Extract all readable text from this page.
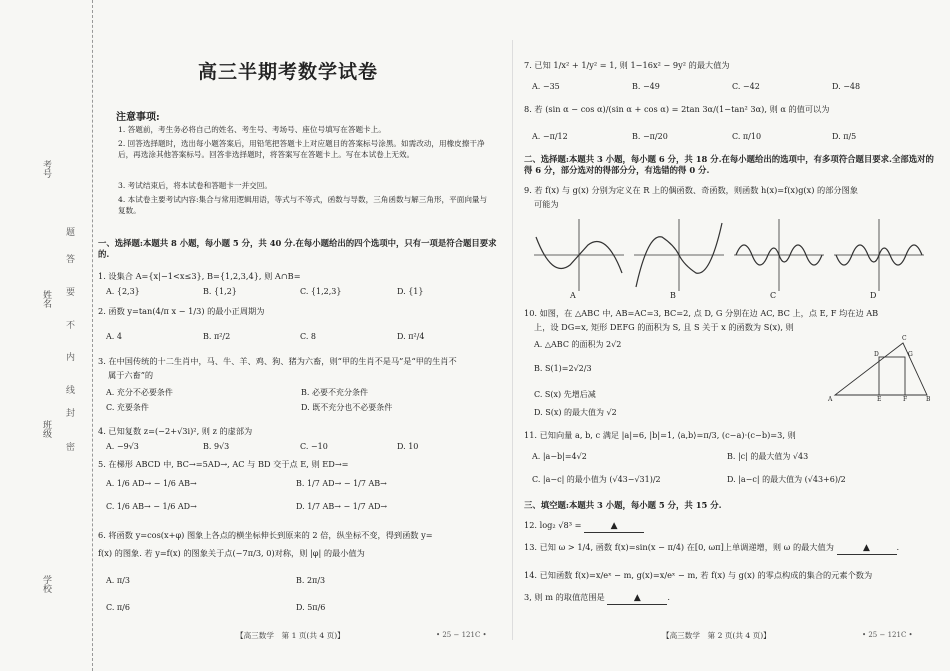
考号
姓名
班级
学校
题
答
要
不
内
线
封
密
高三半期考数学试卷
注意事项:
1. 答题前，考生务必将自己的姓名、考生号、考场号、座位号填写在答题卡上。
2. 回答选择题时，选出每小题答案后，用铅笔把答题卡上对应题目的答案标号涂黑。如需改动，用橡皮擦干净后，再选涂其他答案标号。回答非选择题时，将答案写在答题卡上。写在本试卷上无效。
3. 考试结束后，将本试卷和答题卡一并交回。
4. 本试卷主要考试内容:集合与常用逻辑用语，等式与不等式，函数与导数，三角函数与解三角形，平面向量与复数。
一、选择题:本题共 8 小题，每小题 5 分，共 40 分.在每小题给出的四个选项中，只有一项是符合题目要求的.
1. 设集合 A={x|−1<x≤3}, B={1,2,3,4}, 则 A∩B=
A. {2,3}	B. {1,2}	C. {1,2,3}	D. {1}
2. 函数 y=tan(4/π x − 1/3) 的最小正周期为
A. 4	B. π²/2	C. 8	D. π²/4
3. 在中国传统的十二生肖中，马、牛、羊、鸡、狗、猪为六畜，则“甲的生肖不是马”是“甲的生肖不
属于六畜”的
A. 充分不必要条件	B. 必要不充分条件
C. 充要条件	D. 既不充分也不必要条件
4. 已知复数 z=(−2+√3i)², 则 z 的虚部为
A. −9√3	B. 9√3	C. −10	D. 10
5. 在梯形 ABCD 中, BC→=5AD→, AC 与 BD 交于点 E, 则 ED→=
A. 1/6 AD→ − 1/6 AB→	B. 1/7 AD→ − 1/7 AB→
C. 1/6 AB→ − 1/6 AD→	D. 1/7 AB→ − 1/7 AD→
6. 将函数 y=cos(x+φ) 图象上各点的横坐标伸长到原来的 2 倍，纵坐标不变，得到函数 y=
f(x) 的图象. 若 y=f(x) 的图象关于点(−7π/3, 0)对称，则 |φ| 的最小值为
A. π/3	B. 2π/3
C. π/6	D. 5π/6
【高三数学　第 1 页(共 4 页)】	• 25 − 121C •
7. 已知 1/x² + 1/y² = 1, 则 1−16x² − 9y² 的最大值为
A. −35	B. −49	C. −42	D. −48
8. 若 (sin α − cos α)/(sin α + cos α) = 2tan 3α/(1−tan² 3α), 则 α 的值可以为
A. −π/12	B. −π/20	C. π/10	D. π/5
二、选择题:本题共 3 小题，每小题 6 分，共 18 分.在每小题给出的选项中，有多项符合题目要求.全部选对的得 6 分，部分选对的得部分分，有选错的得 0 分.
9. 若 f(x) 与 g(x) 分别为定义在 R 上的偶函数、奇函数，则函数 h(x)=f(x)g(x) 的部分图象
可能为
A	B	C	D
10. 如图，在 △ABC 中, AB=AC=3, BC=2, 点 D, G 分别在边 AC, BC 上，点 E, F 均在边 AB
上，设 DG=x, 矩形 DEFG 的面积为 S, 且 S 关于 x 的函数为 S(x), 则
A. △ABC 的面积为 2√2
B. S(1)=2√2/3
C. S(x) 先增后减
D. S(x) 的最大值为 √2
C
D	G
A	E	F	B
11. 已知向量 a, b, c 满足 |a|=6, |b|=1, ⟨a,b⟩=π/3, (c−a)·(c−b)=3, 则
A. |a−b|=4√2	B. |c| 的最大值为 √43
C. |a−c| 的最小值为 (√43−√31)/2	D. |a−c| 的最大值为 (√43+6)/2
三、填空题:本题共 3 小题，每小题 5 分，共 15 分.
12. log₂ √8³ =	▲
13. 已知 ω > 1/4, 函数 f(x)=sin(x − π/4) 在[0, ωπ]上单调递增，则 ω 的最大值为	▲	.
14. 已知函数 f(x)=x/eˣ − m, g(x)=x/eˣ − m, 若 f(x) 与 g(x) 的零点构成的集合的元素个数为
3, 则 m 的取值范围是	▲	.
【高三数学　第 2 页(共 4 页)】	• 25 − 121C •
